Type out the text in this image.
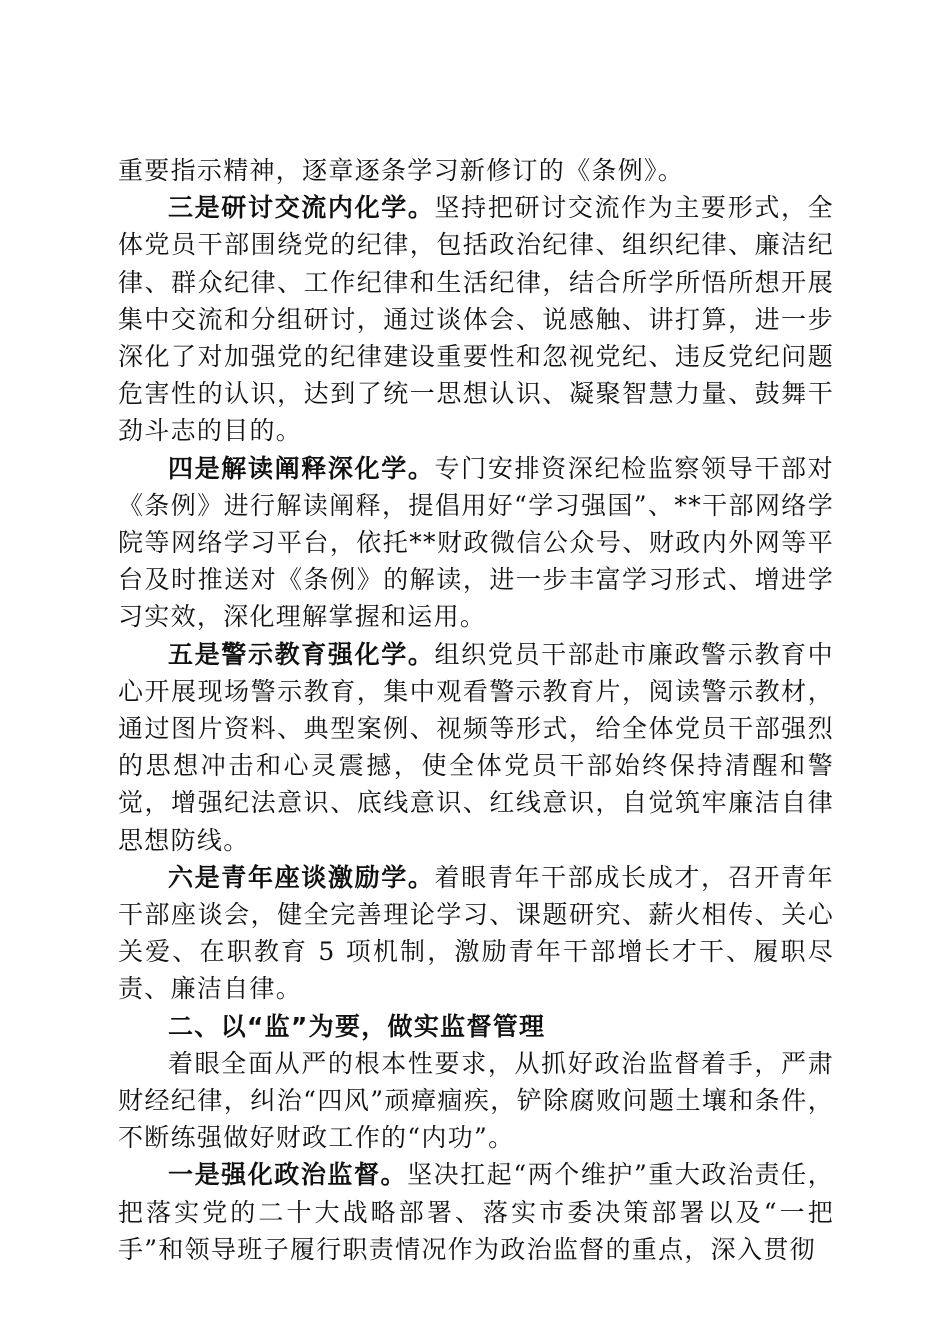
重要指示精神，逐章逐条学习新修订的《条例》。

三是研讨交流内化学。坚持把研讨交流作为主要形式，全体党员干部围绕党的纪律，包括政治纪律、组织纪律、廉洁纪律、群众纪律、工作纪律和生活纪律，结合所学所悟所想开展集中交流和分组研讨，通过谈体会、说感触、讲打算，进一步深化了对加强党的纪律建设重要性和忽视党纪、违反党纪问题危害性的认识，达到了统一思想认识、凝聚智慧力量、鼓舞干劲斗志的目的。

四是解读阐释深化学。专门安排资深纪检监察领导干部对《条例》进行解读阐释，提倡用好“学习强国”、**干部网络学院等网络学习平台，依托**财政微信公众号、财政内外网等平台及时推送对《条例》的解读，进一步丰富学习形式、增进学习实效，深化理解掌握和运用。

五是警示教育强化学。组织党员干部赴市廉政警示教育中心开展现场警示教育，集中观看警示教育片，阅读警示教材，通过图片资料、典型案例、视频等形式，给全体党员干部强烈的思想冲击和心灵震撼，使全体党员干部始终保持清醒和警觉，增强纪法意识、底线意识、红线意识，自觉筑牢廉洁自律思想防线。

六是青年座谈激励学。着眼青年干部成长成才，召开青年干部座谈会，健全完善理论学习、课题研究、薪火相传、关心关爱、在职教育 5 项机制，激励青年干部增长才干、履职尽责、廉洁自律。

二、以“监”为要，做实监督管理

着眼全面从严的根本性要求，从抓好政治监督着手，严肃财经纪律，纠治“四风”顽瘴痼疾，铲除腐败问题土壤和条件，不断练强做好财政工作的“内功”。

一是强化政治监督。坚决扛起“两个维护”重大政治责任，把落实党的二十大战略部署、落实市委决策部署以及“一把手”和领导班子履行职责情况作为政治监督的重点，深入贯彻
